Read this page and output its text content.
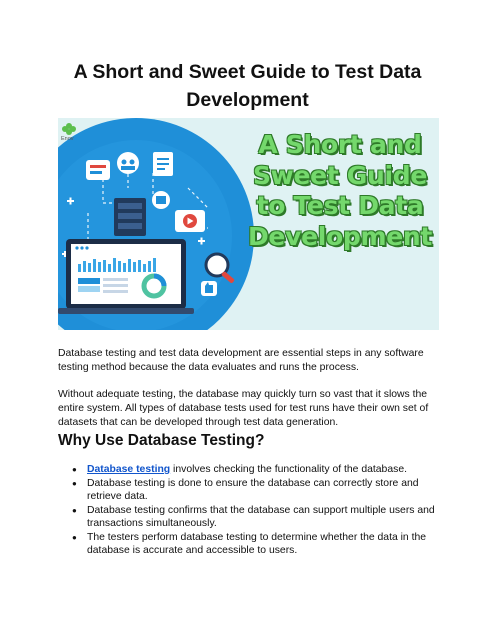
A Short and Sweet Guide to Test Data Development
Enov	A Short and
Sweet Guide
to Test Data
Development

Database testing and test data development are essential steps in any software testing method because the data evaluates and runs the process.

Without adequate testing, the database may quickly turn so vast that it slows the entire system. All types of database tests used for test runs have their own set of datasets that can be developed through test data generation.

Why Use Database Testing?
● Database testing involves checking the functionality of the database.
● Database testing is done to ensure the database can correctly store and retrieve data.
● Database testing confirms that the database can support multiple users and transactions simultaneously.
● The testers perform database testing to determine whether the data in the database is accurate and accessible to users.
